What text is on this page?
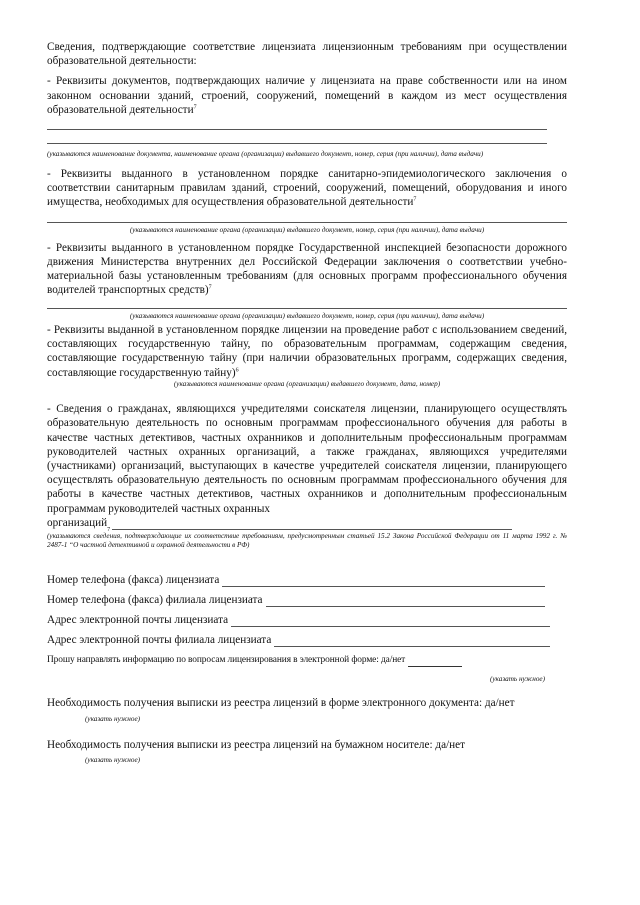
Сведения, подтверждающие соответствие лицензиата лицензионным требованиям при осуществлении образовательной деятельности:

- Реквизиты документов, подтверждающих наличие у лицензиата на праве собственности или на ином законном основании зданий, строений, сооружений, помещений в каждом из мест осуществления образовательной деятельности$^7$

(указываются наименование документа, наименование органа (организации) выдавшего документ, номер, серия (при наличии), дата выдачи)

- Реквизиты выданного в установленном порядке санитарно-эпидемиологического заключения о соответствии санитарным правилам зданий, строений, сооружений, помещений, оборудования и иного имущества, необходимых для осуществления образовательной деятельности$^7$

(указываются наименование органа (организации) выдавшего документ, номер, серия (при наличии), дата выдачи)

- Реквизиты выданного в установленном порядке Государственной инспекцией безопасности дорожного движения Министерства внутренних дел Российской Федерации заключения о соответствии учебно-материальной базы установленным требованиям (для основных программ профессионального обучения водителей транспортных средств)$^7$

(указываются наименование органа (организации) выдавшего документ, номер, серия (при наличии), дата выдачи)

- Реквизиты выданной в установленном порядке лицензии на проведение работ с использованием сведений, составляющих государственную тайну, по образовательным программам, содержащим сведения, составляющие государственную тайну (при наличии образовательных программ, содержащих сведения, составляющие государственную тайну)$^6$

(указываются наименование органа (организации) выдавшего документ, дата, номер)

- Сведения о гражданах, являющихся учредителями соискателя лицензии, планирующего осуществлять образовательную деятельность по основным программам профессионального обучения для работы в качестве частных детективов, частных охранников и дополнительным профессиональным программам руководителей частных охранных организаций, а также гражданах, являющихся учредителями (участниками) организаций, выступающих в качестве учредителей соискателя лицензии, планирующего осуществлять образовательную деятельность по основным программам профессионального обучения для работы в качестве частных детективов, частных охранников и дополнительным профессиональным программам руководителей частных охранных

организаций
7

(указываются сведения, подтверждающие их соответствие требованиям, предусмотренным статьей 15.2 Закона Российской Федерации от 11 марта 1992 г. № 2487-1 “О частной детективной и охранной деятельности в РФ)

Номер телефона (факса) лицензиата
Номер телефона (факса) филиала лицензиата
Адрес электронной почты лицензиата
Адрес электронной почты филиала лицензиата
Прошу направлять информацию по вопросам лицензирования в электронной форме: да/нет

(указать нужное)

Необходимость получения выписки из реестра лицензий в форме электронного документа: да/нет

(указать нужное)

Необходимость получения выписки из реестра лицензий на бумажном носителе: да/нет

(указать нужное)
